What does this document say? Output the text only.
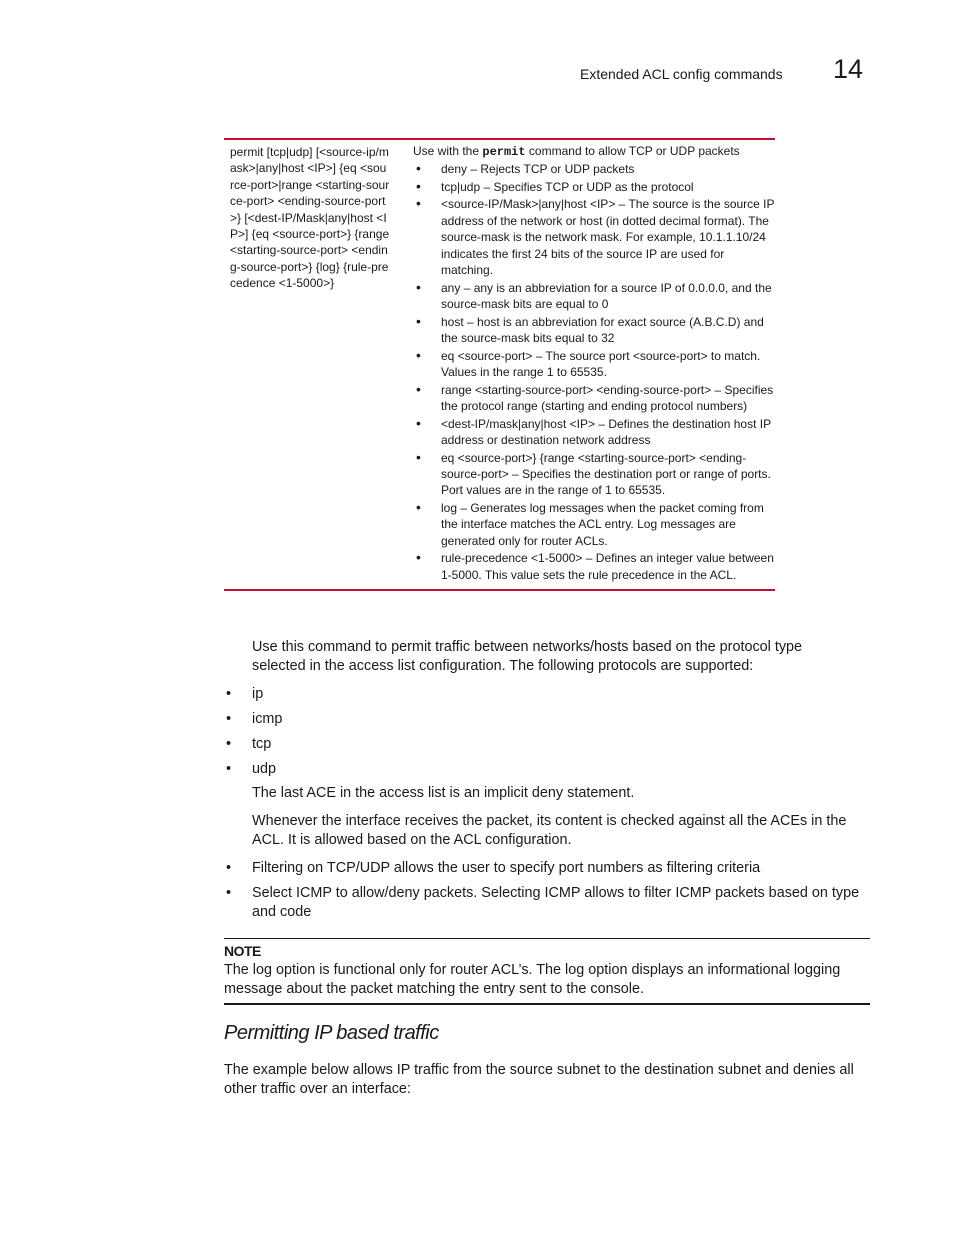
Extended ACL config commands 14
permit [tcp|udp] [<source-ip/mask>|any|host <IP>] {eq <source-port>|range <starting-source-port> <ending-source-port>} [<dest-IP/Mask|any|host <IP>] {eq <source-port>} {range <starting-source-port> <ending-source-port>} {log} {rule-precedence <1-5000>}
Use with the permit command to allow TCP or UDP packets
• deny – Rejects TCP or UDP packets
• tcp|udp – Specifies TCP or UDP as the protocol
• <source-IP/Mask>|any|host <IP> – The source is the source IP address of the network or host (in dotted decimal format). The source-mask is the network mask. For example, 10.1.1.10/24 indicates the first 24 bits of the source IP are used for matching.
• any – any is an abbreviation for a source IP of 0.0.0.0, and the source-mask bits are equal to 0
• host – host is an abbreviation for exact source (A.B.C.D) and the source-mask bits equal to 32
• eq <source-port> – The source port <source-port> to match. Values in the range 1 to 65535.
• range <starting-source-port> <ending-source-port> – Specifies the protocol range (starting and ending protocol numbers)
• <dest-IP/mask|any|host <IP> – Defines the destination host IP address or destination network address
• eq <source-port>} {range <starting-source-port> <ending-source-port> – Specifies the destination port or range of ports. Port values are in the range of 1 to 65535.
• log – Generates log messages when the packet coming from the interface matches the ACL entry. Log messages are generated only for router ACLs.
• rule-precedence <1-5000> – Defines an integer value between 1-5000. This value sets the rule precedence in the ACL.
Use this command to permit traffic between networks/hosts based on the protocol type selected in the access list configuration. The following protocols are supported:
• ip
• icmp
• tcp
• udp
The last ACE in the access list is an implicit deny statement.
Whenever the interface receives the packet, its content is checked against all the ACEs in the ACL. It is allowed based on the ACL configuration.
• Filtering on TCP/UDP allows the user to specify port numbers as filtering criteria
• Select ICMP to allow/deny packets. Selecting ICMP allows to filter ICMP packets based on type and code
NOTE
The log option is functional only for router ACL’s. The log option displays an informational logging message about the packet matching the entry sent to the console.
Permitting IP based traffic
The example below allows IP traffic from the source subnet to the destination subnet and denies all other traffic over an interface:
